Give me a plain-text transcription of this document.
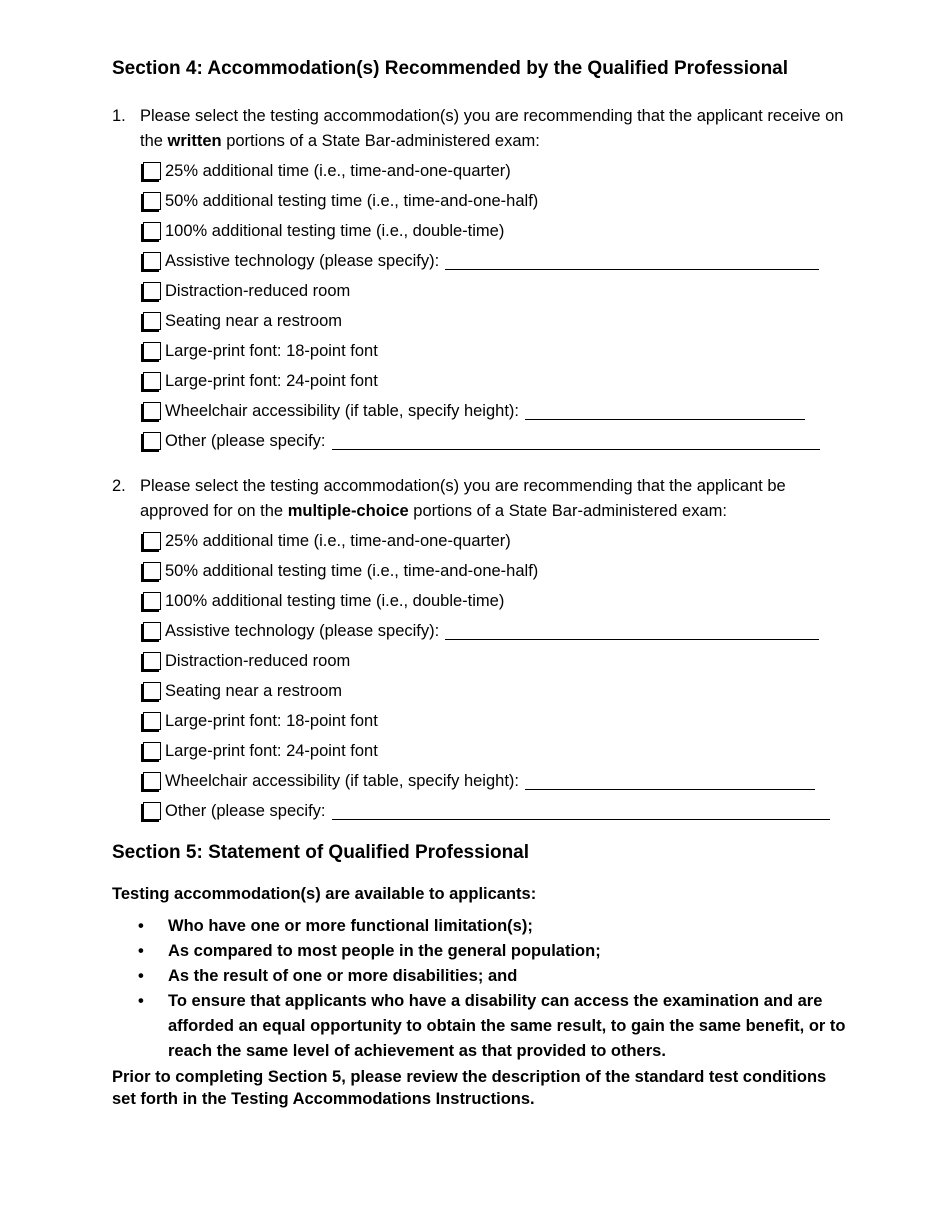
Section 4: Accommodation(s) Recommended by the Qualified Professional
1. Please select the testing accommodation(s) you are recommending that the applicant receive on the written portions of a State Bar-administered exam:
25% additional time (i.e., time-and-one-quarter)
50% additional testing time (i.e., time-and-one-half)
100% additional testing time (i.e., double-time)
Assistive technology (please specify):
Distraction-reduced room
Seating near a restroom
Large-print font: 18-point font
Large-print font: 24-point font
Wheelchair accessibility (if table, specify height):
Other (please specify:
2. Please select the testing accommodation(s) you are recommending that the applicant be approved for on the multiple-choice portions of a State Bar-administered exam:
25% additional time (i.e., time-and-one-quarter)
50% additional testing time (i.e., time-and-one-half)
100% additional testing time (i.e., double-time)
Assistive technology (please specify):
Distraction-reduced room
Seating near a restroom
Large-print font: 18-point font
Large-print font: 24-point font
Wheelchair accessibility (if table, specify height):
Other (please specify:
Section 5: Statement of Qualified Professional
Testing accommodation(s) are available to applicants:
•	Who have one or more functional limitation(s);
•	As compared to most people in the general population;
•	As the result of one or more disabilities; and
•	To ensure that applicants who have a disability can access the examination and are afforded an equal opportunity to obtain the same result, to gain the same benefit, or to reach the same level of achievement as that provided to others.
Prior to completing Section 5, please review the description of the standard test conditions set forth in the Testing Accommodations Instructions.
